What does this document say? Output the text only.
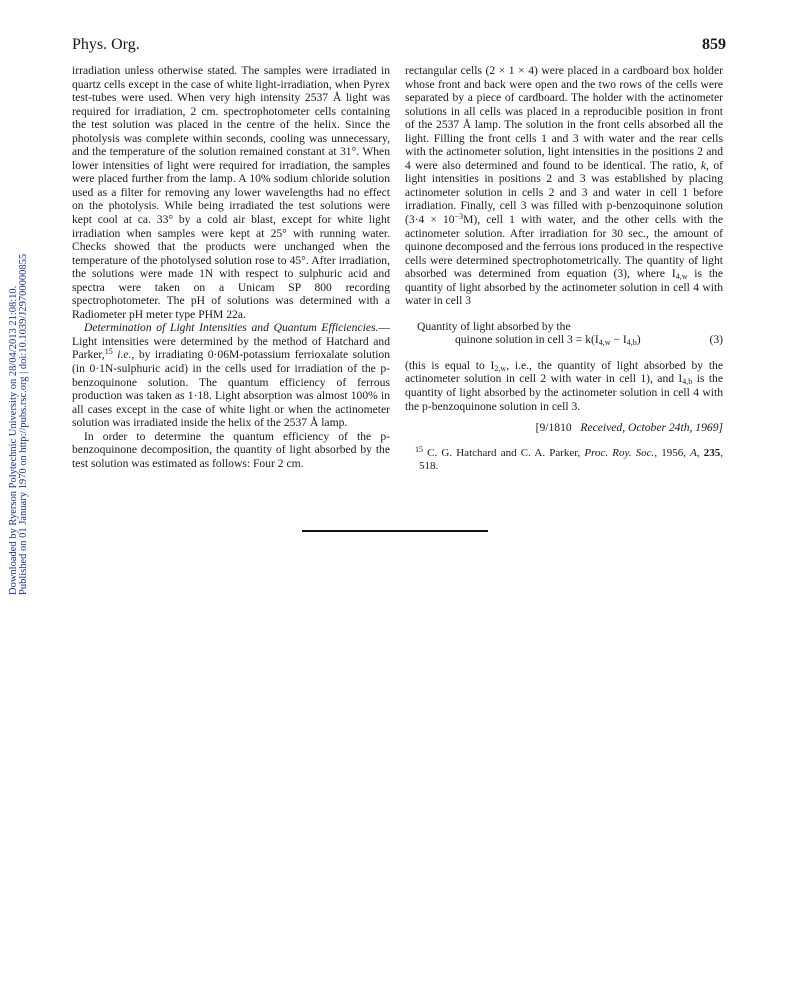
Downloaded by Ryerson Polytechnic University on 28/04/2013 21:08:10. Published on 01 January 1970 on http://pubs.rsc.org | doi:10.1039/J29700000855
Phys. Org.	859

irradiation unless otherwise stated. The samples were irradiated in quartz cells except in the case of white light-irradiation, when Pyrex test-tubes were used. When very high intensity 2537 Å light was required for irradiation, 2 cm. spectrophotometer cells containing the test solution was placed in the centre of the helix. Since the photolysis was complete within seconds, cooling was unnecessary, and the temperature of the solution remained constant at 31°. When lower intensities of light were required for irradiation, the samples were placed further from the lamp. A 10% sodium chloride solution used as a filter for removing any lower wavelengths had no effect on the photolysis. While being irradiated the test solutions were kept cool at ca. 33° by a cold air blast, except for white light irradiation when samples were kept at 25° with running water. Checks showed that the products were unchanged when the temperature of the photolysed solution rose to 45°. After irradiation, the solutions were made 1N with respect to sulphuric acid and spectra were taken on a Unicam SP 800 recording spectrophotometer. The pH of solutions was determined with a Radiometer pH meter type PHM 22a.

Determination of Light Intensities and Quantum Efficiencies.—Light intensities were determined by the method of Hatchard and Parker,$^{15}$ i.e., by irradiating 0·06M-potassium ferrioxalate solution (in 0·1N-sulphuric acid) in the cells used for irradiation of the p-benzoquinone solution. The quantum efficiency of ferrous production was taken as 1·18. Light absorption was almost 100% in all cases except in the case of white light or when the actinometer solution was irradiated inside the helix of the 2537 Å lamp.

In order to determine the quantum efficiency of the p-benzoquinone decomposition, the quantity of light absorbed by the test solution was estimated as follows: Four 2 cm.

rectangular cells (2 × 1 × 4) were placed in a cardboard box holder whose front and back were open and the two rows of the cells were separated by a piece of cardboard. The holder with the actinometer solutions in all cells was placed in a reproducible position in front of the 2537 Å lamp. The solution in the front cells absorbed all the light. Filling the front cells 1 and 3 with water and the rear cells with the actinometer solution, light intensities in the positions 2 and 4 were also determined and found to be identical. The ratio, k, of light intensities in positions 2 and 3 was established by placing actinometer solution in cells 2 and 3 and water in cell 1 before irradiation. Finally, cell 3 was filled with p-benzoquinone solution $(3\cdot 4 \times 10^{-3}M)$, cell 1 with water, and the other cells with the actinometer solution. After irradiation for 30 sec., the amount of quinone decomposed and the ferrous ions produced in the respective cells were determined spectrophotometrically. The quantity of light absorbed was determined from equation (3), where $I_{4,w}$ is the quantity of light absorbed by the actinometer solution in cell 4 with water in cell 3

Quantity of light absorbed by the
quinone solution in cell $3 = k(I_{4,w} - I_{4,b})$	(3)

(this is equal to $I_{2,w}$, i.e., the quantity of light absorbed by the actinometer solution in cell 2 with water in cell 1), and $I_{4,b}$ is the quantity of light absorbed by the actinometer solution in cell 4 with the p-benzoquinone solution in cell 3.

[9/1810 Received, October 24th, 1969]
$^{15}$ C. G. Hatchard and C. A. Parker, Proc. Roy. Soc., 1956, A, 235, 518.
